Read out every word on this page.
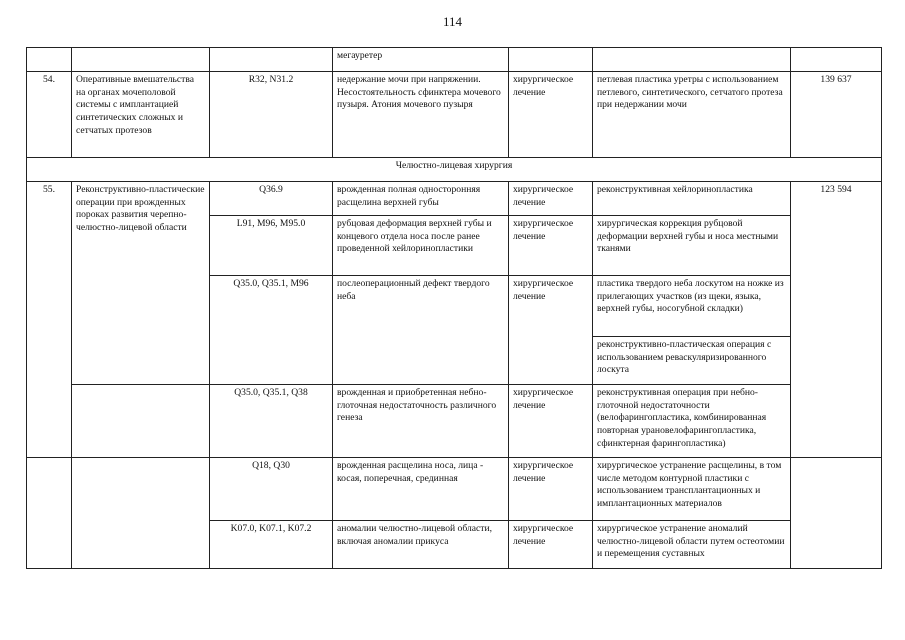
114
			мегауретер			
54.	Оперативные вмешательства на органах мочеполовой системы с имплантацией синтетических сложных и сетчатых протезов	R32, N31.2	недержание мочи при напряжении. Несостоятельность сфинктера мочевого пузыря. Атония мочевого пузыря	хирургическое лечение	петлевая пластика уретры с использованием петлевого, синтетического, сетчатого протеза при недержании мочи	139 637
Челюстно-лицевая хирургия						
55.	Реконструктивно-пластические операции при врожденных пороках развития черепно-челюстно-лицевой области	Q36.9	врожденная полная односторонняя расщелина верхней губы	хирургическое лечение	реконструктивная хейлоринопластика	123 594
		L91, M96, M95.0	рубцовая деформация верхней губы и концевого отдела носа после ранее проведенной хейлоринопластики	хирургическое лечение	хирургическая коррекция рубцовой деформации верхней губы и носа местными тканями	
		Q35.0, Q35.1, M96	послеоперационный дефект твердого неба	хирургическое лечение	пластика твердого неба лоскутом на ножке из прилегающих участков (из щеки, языка, верхней губы, носогубной складки)	
					реконструктивно-пластическая операция с использованием реваскуляризированного лоскута	
		Q35.0, Q35.1, Q38	врожденная и приобретенная небно-глоточная недостаточность различного генеза	хирургическое лечение	реконструктивная операция при небно-глоточной недостаточности (велофарингопластика, комбинированная повторная урановелофарингопластика, сфинктерная фарингопластика)	
		Q18, Q30	врожденная расщелина носа, лица - косая, поперечная, срединная	хирургическое лечение	хирургическое устранение расщелины, в том числе методом контурной пластики с использованием трансплантационных и имплантационных материалов	
		K07.0, K07.1, K07.2	аномалии челюстно-лицевой области, включая аномалии прикуса	хирургическое лечение	хирургическое устранение аномалий челюстно-лицевой области путем остеотомии и перемещения суставных	
